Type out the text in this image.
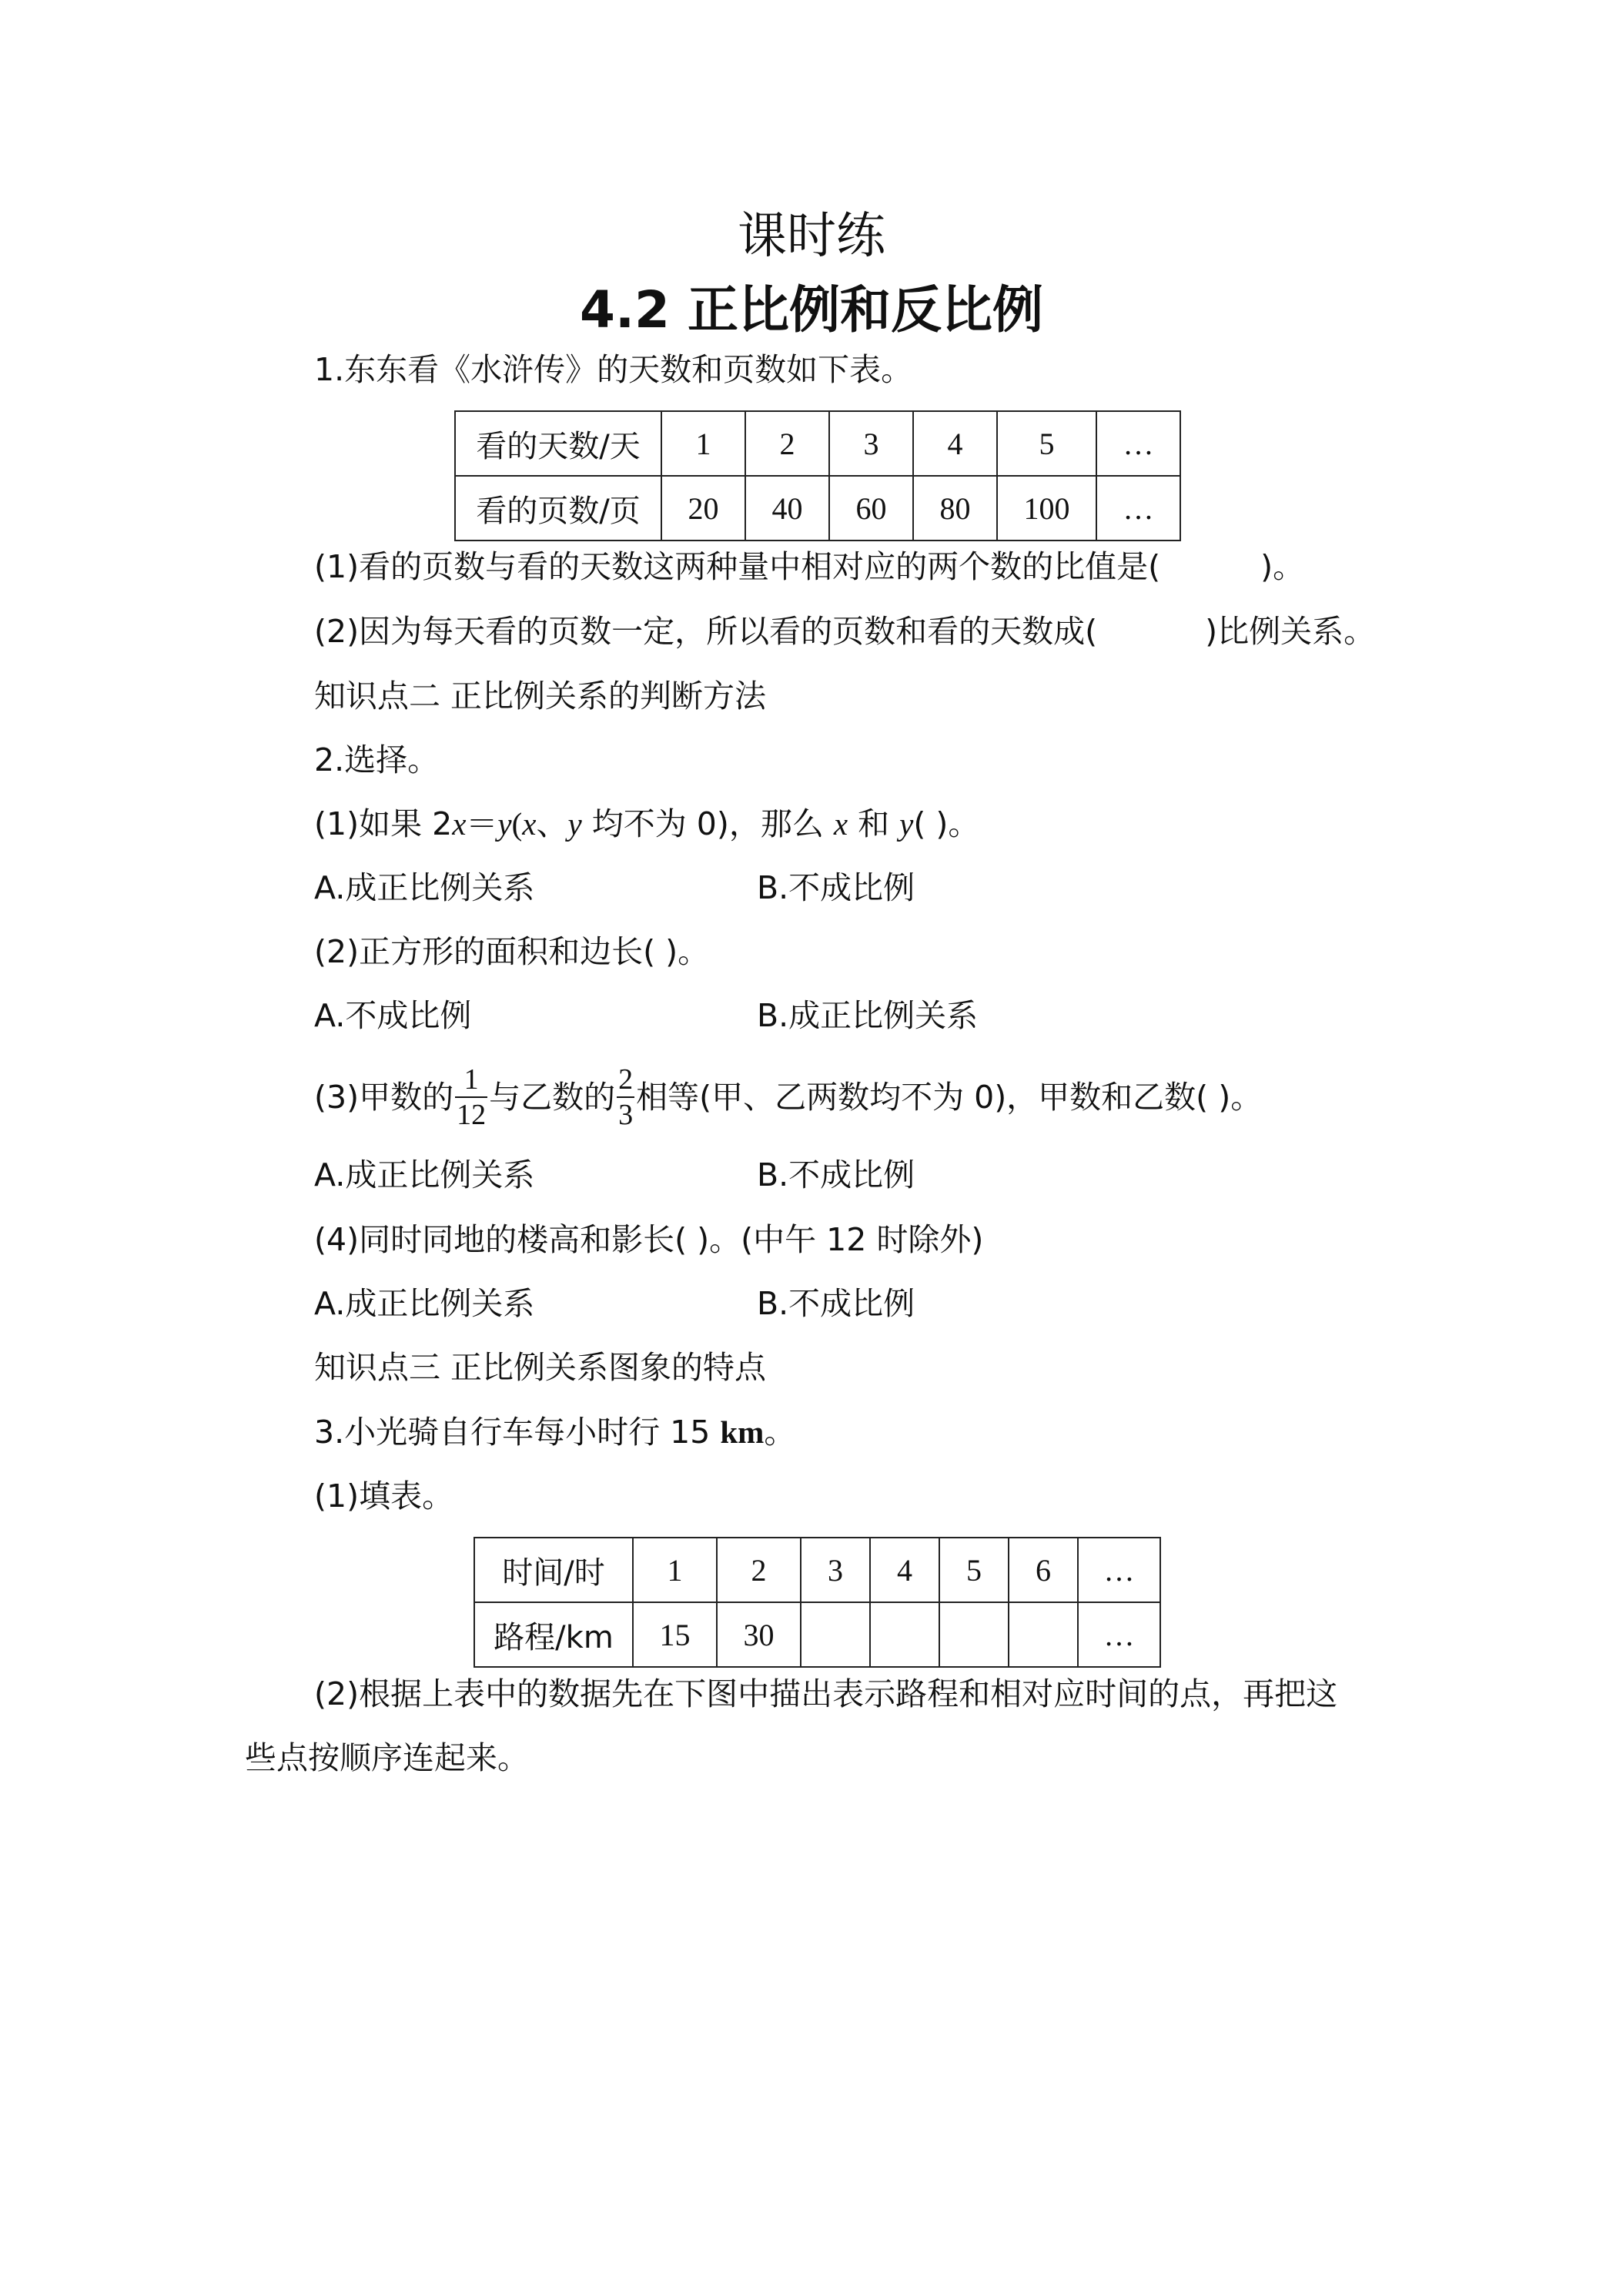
课时练
4.2 正比例和反比例
1.东东看《水浒传》的天数和页数如下表。
看的天数/天	1	2	3	4	5	…
看的页数/页	20	40	60	80	100	…
(1)看的页数与看的天数这两种量中相对应的两个数的比值是(	)。
(2)因为每天看的页数一定，所以看的页数和看的天数成(	)比例关系。
知识点二 正比例关系的判断方法
2.选择。
(1)如果 2x＝y(x、y 均不为 0)，那么 x 和 y( )。
A.成正比例关系	B.不成比例
(2)正方形的面积和边长( )。
A.不成比例	B.成正比例关系
(3)甲数的 $\frac{1}{12}$ 与乙数的 $\frac{2}{3}$ 相等(甲、乙两数均不为 0)，甲数和乙数( )。
A.成正比例关系	B.不成比例
(4)同时同地的楼高和影长( )。(中午 12 时除外)
A.成正比例关系	B.不成比例
知识点三 正比例关系图象的特点
3.小光骑自行车每小时行 15 km。
(1)填表。
时间/时	1	2	3	4	5	6	…
路程/km	15	30					…
(2)根据上表中的数据先在下图中描出表示路程和相对应时间的点，再把这
些点按顺序连起来。
